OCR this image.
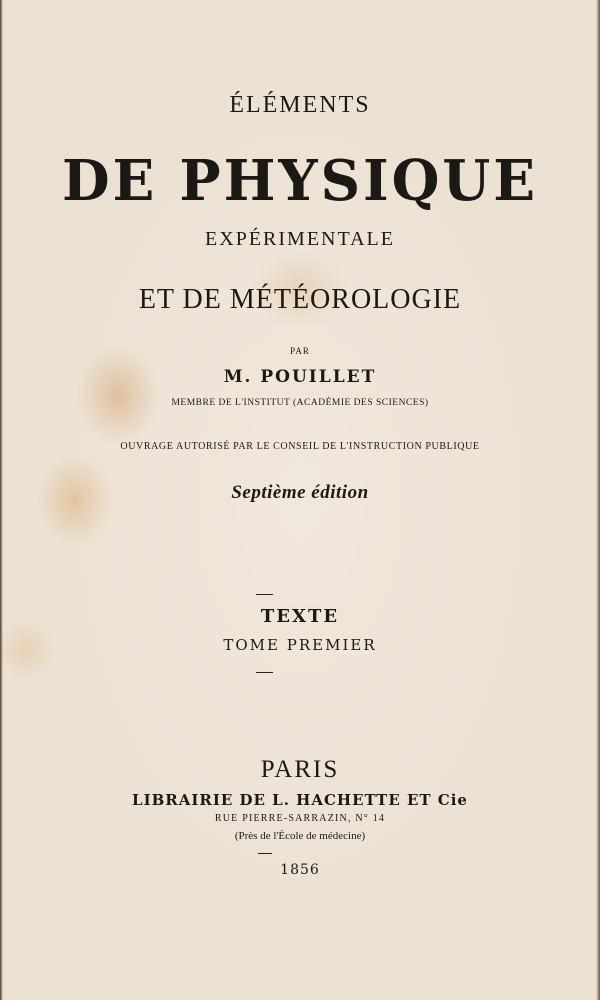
ÉLÉMENTS

DE PHYSIQUE

EXPÉRIMENTALE

ET DE MÉTÉOROLOGIE

PAR

M. POUILLET

MEMBRE DE L'INSTITUT (ACADÉMIE DES SCIENCES)

OUVRAGE AUTORISÉ PAR LE CONSEIL DE L'INSTRUCTION PUBLIQUE

Septième édition

TEXTE

TOME PREMIER

PARIS

LIBRAIRIE DE L. HACHETTE ET Cie

RUE PIERRE-SARRAZIN, N° 14

(Près de l'École de médecine)

1856
